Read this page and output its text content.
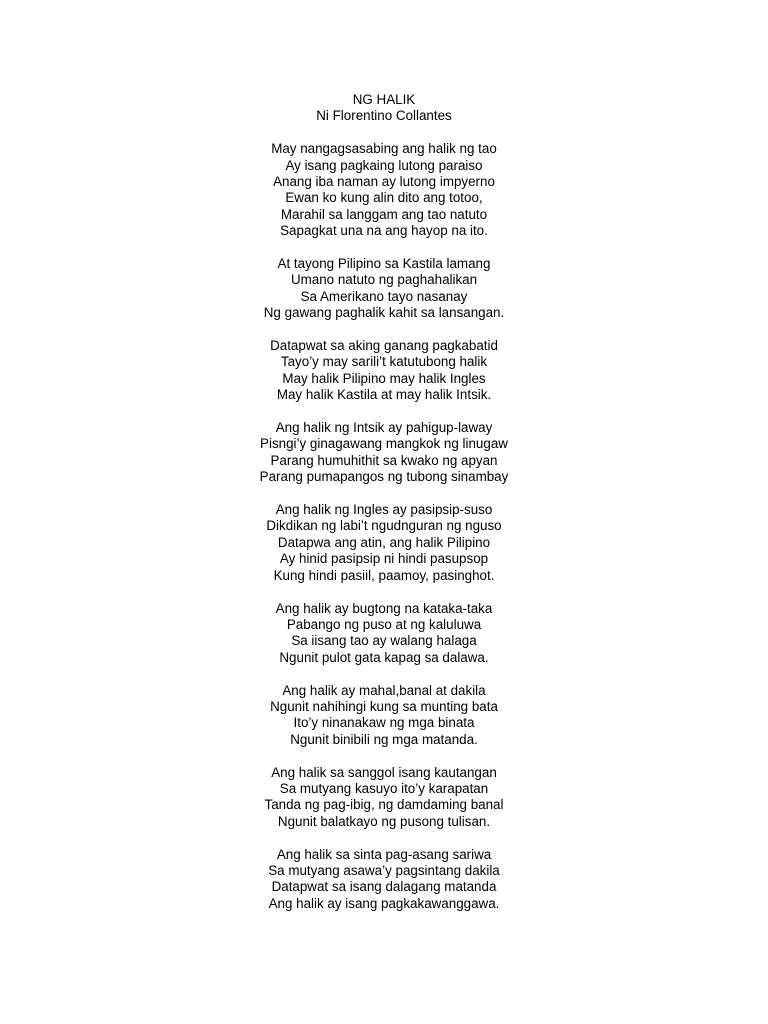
NG HALIK
Ni Florentino Collantes
May nangagsasabing ang halik ng tao
Ay isang pagkaing lutong paraiso
Anang iba naman ay lutong impyerno
Ewan ko kung alin dito ang totoo,
Marahil sa langgam ang tao natuto
Sapagkat una na ang hayop na ito.
At tayong Pilipino sa Kastila lamang
Umano natuto ng paghahalikan
Sa Amerikano tayo nasanay
Ng gawang paghalik kahit sa lansangan.
Datapwat sa aking ganang pagkabatid
Tayo’y may sarili’t katutubong halik
May halik Pilipino may halik Ingles
May halik Kastila at may halik Intsik.
Ang halik ng Intsik ay pahigup-laway
Pisngi’y ginagawang mangkok ng linugaw
Parang humuhithit sa kwako ng apyan
Parang pumapangos ng tubong sinambay
Ang halik ng Ingles ay pasipsip-suso
Dikdikan ng labi’t ngudnguran ng nguso
Datapwa ang atin, ang halik Pilipino
Ay hinid pasipsip ni hindi pasupsop
Kung hindi pasiil, paamoy, pasinghot.
Ang halik ay bugtong na kataka-taka
Pabango ng puso at ng kaluluwa
Sa iisang tao ay walang halaga
Ngunit pulot gata kapag sa dalawa.
Ang halik ay mahal,banal at dakila
Ngunit nahihingi kung sa munting bata
Ito’y ninanakaw ng mga binata
Ngunit binibili ng mga matanda.
Ang halik sa sanggol isang kautangan
Sa mutyang kasuyo ito’y karapatan
Tanda ng pag-ibig, ng damdaming banal
Ngunit balatkayo ng pusong tulisan.
Ang halik sa sinta pag-asang sariwa
Sa mutyang asawa’y pagsintang dakila
Datapwat sa isang dalagang matanda
Ang halik ay isang pagkakawanggawa.
